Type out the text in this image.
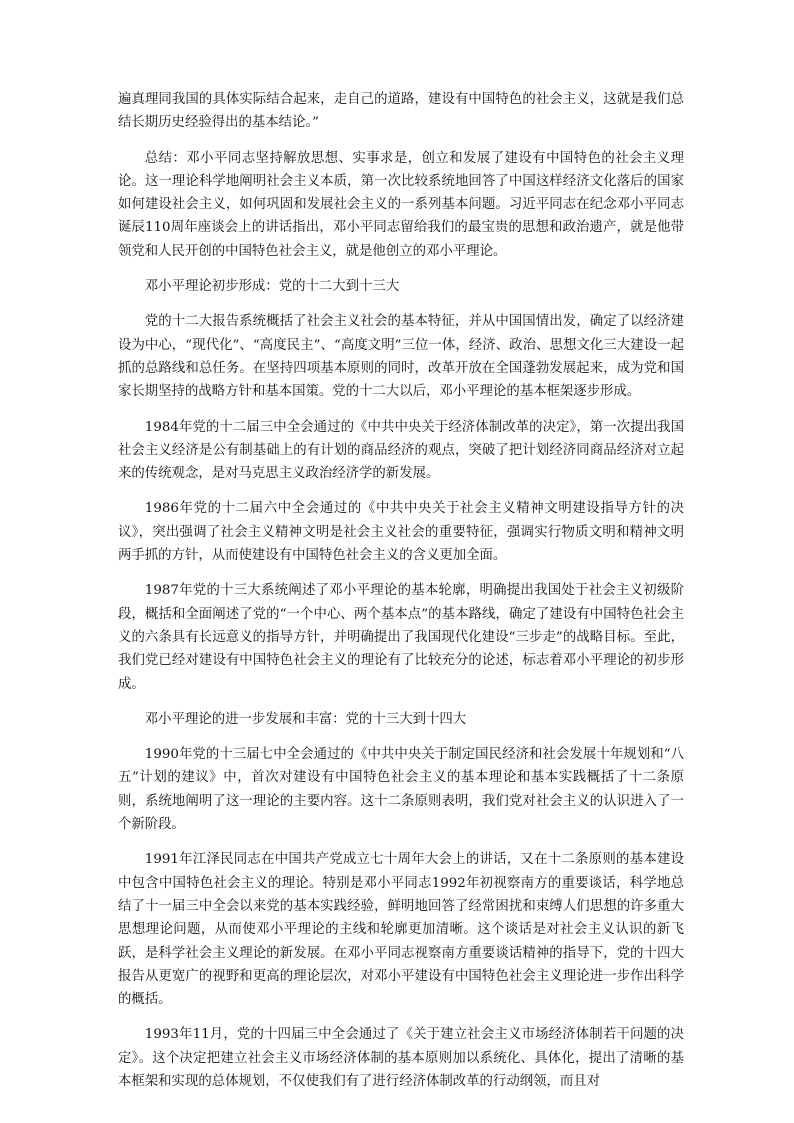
遍真理同我国的具体实际结合起来，走自己的道路，建设有中国特色的社会主义，这就是我们总结长期历史经验得出的基本结论。”

总结：邓小平同志坚持解放思想、实事求是，创立和发展了建设有中国特色的社会主义理论。这一理论科学地阐明社会主义本质，第一次比较系统地回答了中国这样经济文化落后的国家如何建设社会主义，如何巩固和发展社会主义的一系列基本问题。习近平同志在纪念邓小平同志诞辰110周年座谈会上的讲话指出，邓小平同志留给我们的最宝贵的思想和政治遗产，就是他带领党和人民开创的中国特色社会主义，就是他创立的邓小平理论。

邓小平理论初步形成：党的十二大到十三大

党的十二大报告系统概括了社会主义社会的基本特征，并从中国国情出发，确定了以经济建设为中心，“现代化”、“高度民主”、“高度文明”三位一体，经济、政治、思想文化三大建设一起抓的总路线和总任务。在坚持四项基本原则的同时，改革开放在全国蓬勃发展起来，成为党和国家长期坚持的战略方针和基本国策。党的十二大以后，邓小平理论的基本框架逐步形成。

1984年党的十二届三中全会通过的《中共中央关于经济体制改革的决定》，第一次提出我国社会主义经济是公有制基础上的有计划的商品经济的观点，突破了把计划经济同商品经济对立起来的传统观念，是对马克思主义政治经济学的新发展。

1986年党的十二届六中全会通过的《中共中央关于社会主义精神文明建设指导方针的决议》，突出强调了社会主义精神文明是社会主义社会的重要特征，强调实行物质文明和精神文明两手抓的方针，从而使建设有中国特色社会主义的含义更加全面。

1987年党的十三大系统阐述了邓小平理论的基本轮廓，明确提出我国处于社会主义初级阶段，概括和全面阐述了党的“一个中心、两个基本点”的基本路线，确定了建设有中国特色社会主义的六条具有长远意义的指导方针，并明确提出了我国现代化建设“三步走”的战略目标。至此，我们党已经对建设有中国特色社会主义的理论有了比较充分的论述，标志着邓小平理论的初步形成。

邓小平理论的进一步发展和丰富：党的十三大到十四大

1990年党的十三届七中全会通过的《中共中央关于制定国民经济和社会发展十年规划和“八五”计划的建议》中，首次对建设有中国特色社会主义的基本理论和基本实践概括了十二条原则，系统地阐明了这一理论的主要内容。这十二条原则表明，我们党对社会主义的认识进入了一个新阶段。

1991年江泽民同志在中国共产党成立七十周年大会上的讲话，又在十二条原则的基本建设中包含中国特色社会主义的理论。特别是邓小平同志1992年初视察南方的重要谈话，科学地总结了十一届三中全会以来党的基本实践经验，鲜明地回答了经常困扰和束缚人们思想的许多重大思想理论问题，从而使邓小平理论的主线和轮廓更加清晰。这个谈话是对社会主义认识的新飞跃，是科学社会主义理论的新发展。在邓小平同志视察南方重要谈话精神的指导下，党的十四大报告从更宽广的视野和更高的理论层次，对邓小平建设有中国特色社会主义理论进一步作出科学的概括。

1993年11月，党的十四届三中全会通过了《关于建立社会主义市场经济体制若干问题的决定》。这个决定把建立社会主义市场经济体制的基本原则加以系统化、具体化，提出了清晰的基本框架和实现的总体规划，不仅使我们有了进行经济体制改革的行动纲领，而且对
